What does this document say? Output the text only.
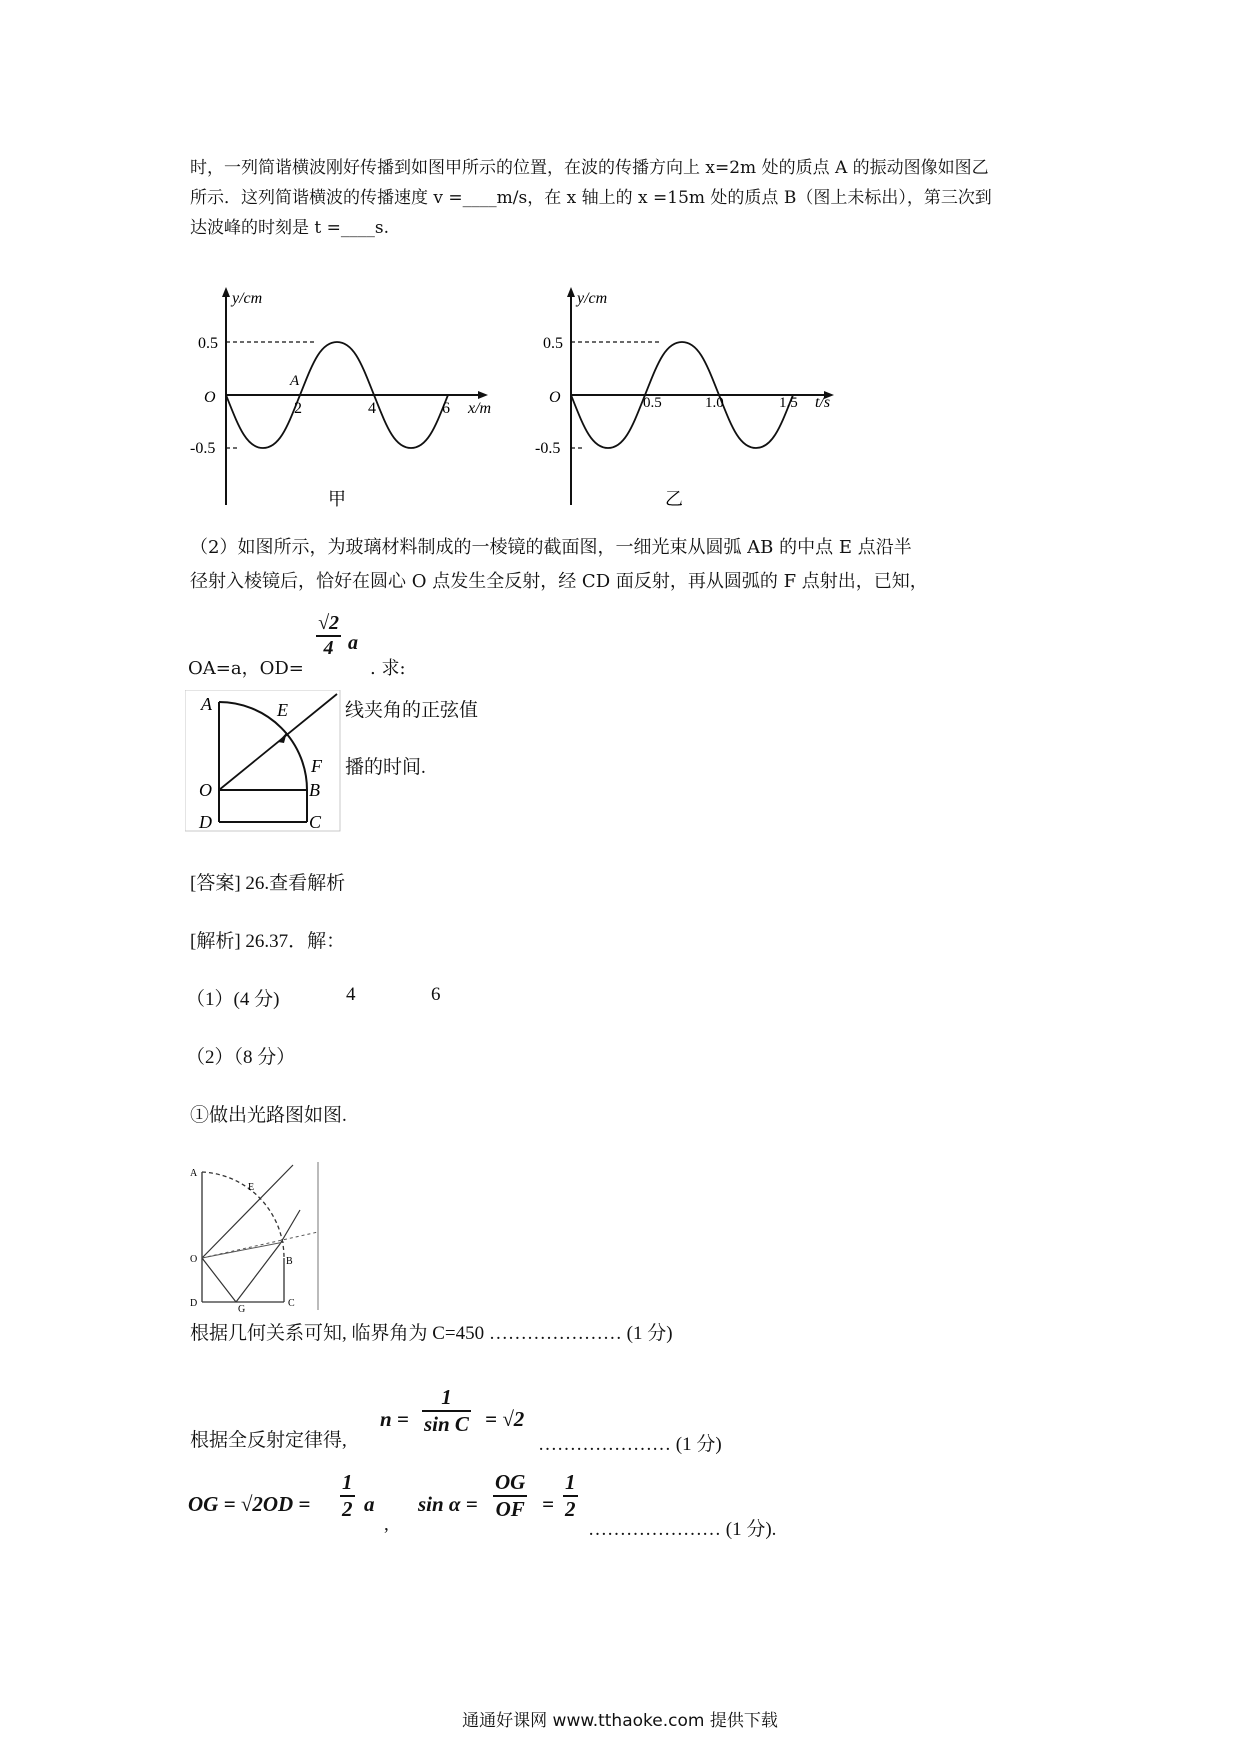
时，一列简谐横波刚好传播到如图甲所示的位置，在波的传播方向上 x=2m 处的质点 A 的振动图像如图乙
所示．这列简谐横波的传播速度 v =____m/s，在 x 轴上的 x =15m 处的质点 B（图上未标出），第三次到
达波峰的时刻是 t =____s.
y/cm
0.5
-0.5
O
A
2	4	6 x/m
甲
y/cm
0.5
-0.5
O	0.5	1.0	1.5 t/s
乙
（2）如图所示，为玻璃材料制成的一棱镜的截面图，一细光束从圆弧 AB 的中点 E 点沿半
径射入棱镜后，恰好在圆心 O 点发生全反射，经 CD 面反射，再从圆弧的 F 点射出，已知，
OA=a，OD=
$\frac{√2}{4}$ a
. 求:
A	E
F
O	B
D	C
线夹角的正弦值
播的时间.
[答案] 26.查看解析
[解析] 26.37．解：
（1）(4 分)	4	6
（2）（8 分）
①做出光路图如图.
A
E
O	B
D
G
C
根据几何关系可知, 临界角为 C=450 ………………… (1 分)
根据全反射定律得,
$n = \frac{1}{\text{sin C}} = √2$
………………… (1 分)
OG = $√2OD = \frac{1}{2}$ a
,
$\sin \alpha = \frac{OG}{OF} = \frac{1}{2}$
………………… (1 分).
通通好课网 www.tthaoke.com 提供下载
